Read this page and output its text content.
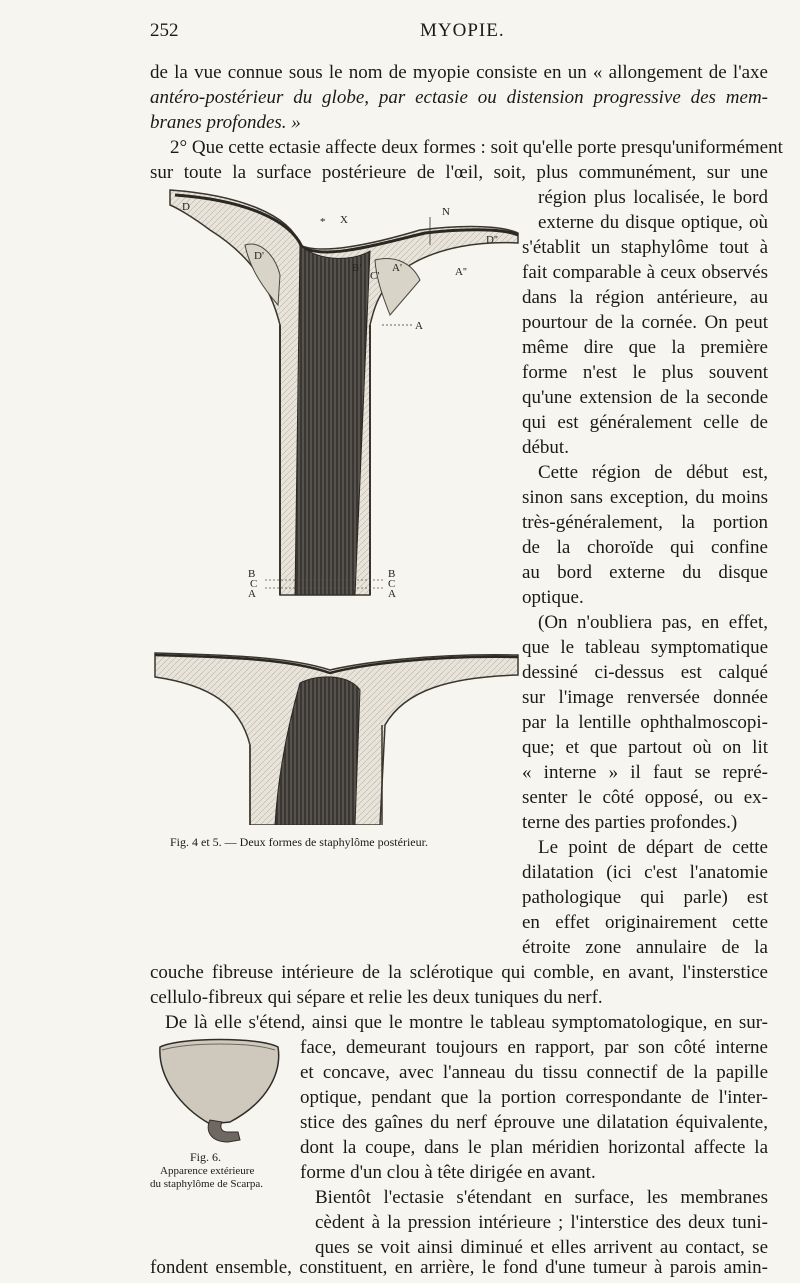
252	MYOPIE.
de la vue connue sous le nom de myopie consiste en un « allongement de l'axe
antéro-postérieur du globe, par ectasie ou distension progressive des mem-
branes profondes. »
2° Que cette ectasie affecte deux formes : soit qu'elle porte presqu'uniformément
sur toute la surface postérieure de l'œil, soit, plus communément, sur une
D
D'
D''
N
X
*
B'
C'
A'	A''
A
B
C
A
B
C
A
Fig. 4 et 5. — Deux formes de staphylôme postérieur.
région plus localisée, le bord
externe du disque optique, où
s'établit un staphylôme tout à
fait comparable à ceux observés
dans la région antérieure, au
pourtour de la cornée. On peut
même dire que la première
forme n'est le plus souvent
qu'une extension de la seconde
qui est généralement celle de
début.
Cette région de début est,
sinon sans exception, du moins
très-généralement, la portion
de la choroïde qui confine
au bord externe du disque
optique.
(On n'oubliera pas, en effet,
que le tableau symptomatique
dessiné ci-dessus est calqué
sur l'image renversée donnée
par la lentille ophthalmoscopi-
que; et que partout où on lit
« interne » il faut se repré-
senter le côté opposé, ou ex-
terne des parties profondes.)
Le point de départ de cette
dilatation (ici c'est l'anatomie
pathologique qui parle) est
en effet originairement cette
étroite zone annulaire de la
couche fibreuse intérieure de la sclérotique qui comble, en avant, l'insterstice
cellulo-fibreux qui sépare et relie les deux tuniques du nerf.
De là elle s'étend, ainsi que le montre le tableau symptomatologique, en sur-
Fig. 6.
Apparence extérieure
du staphylôme de Scarpa.
face, demeurant toujours en rapport, par son côté interne
et concave, avec l'anneau du tissu connectif de la papille
optique, pendant que la portion correspondante de l'inter-
stice des gaînes du nerf éprouve une dilatation équivalente,
dont la coupe, dans le plan méridien horizontal affecte la
forme d'un clou à tête dirigée en avant.
Bientôt l'ectasie s'étendant en surface, les membranes
cèdent à la pression intérieure ; l'interstice des deux tuni-
ques se voit ainsi diminué et elles arrivent au contact, se
fondent ensemble, constituent, en arrière, le fond d'une tumeur à parois amin-
